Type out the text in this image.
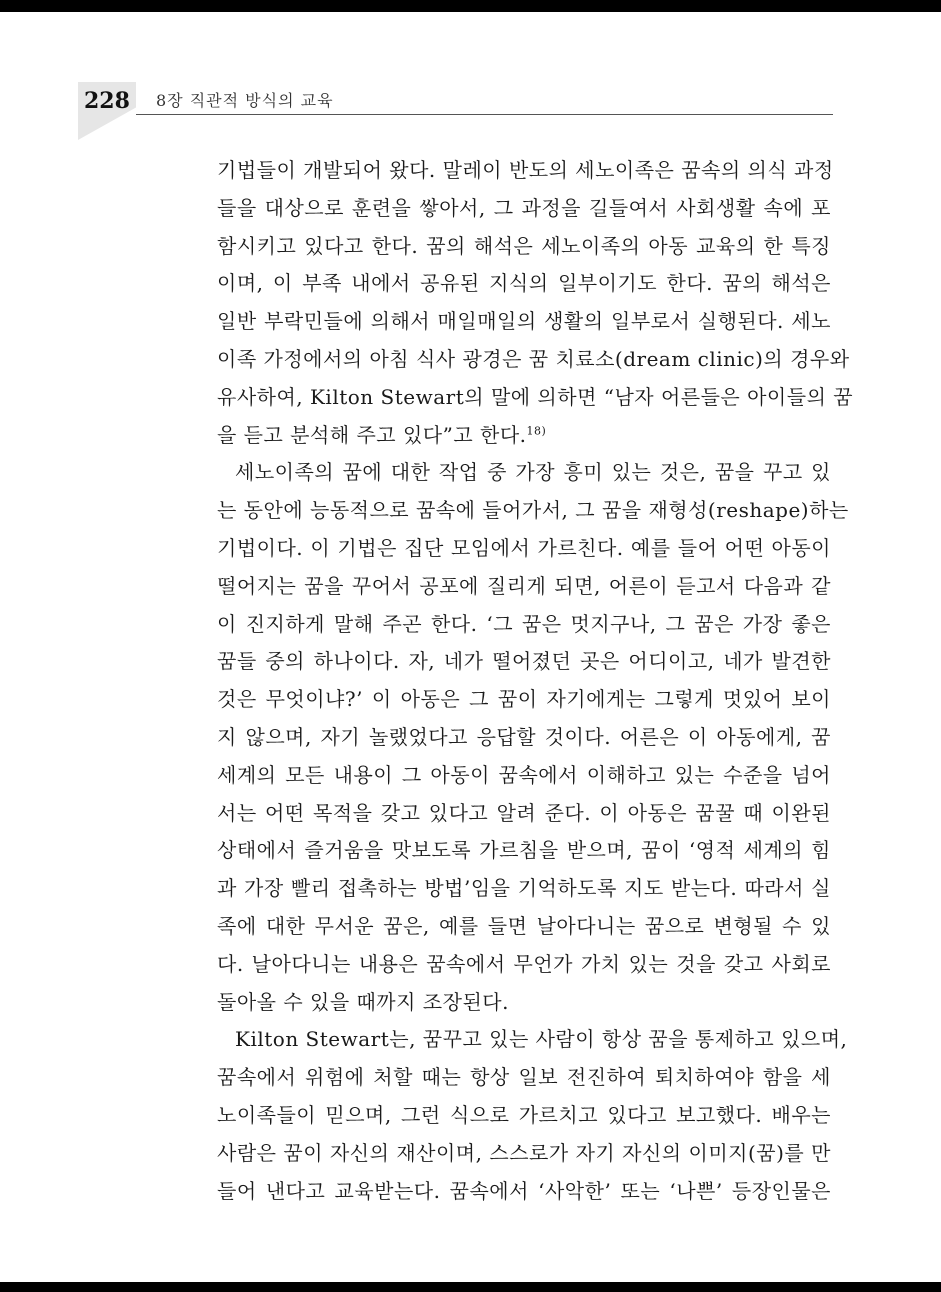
228 8장 직관적 방식의 교육
기법들이 개발되어 왔다. 말레이 반도의 세노이족은 꿈속의 의식 과정
들을 대상으로 훈련을 쌓아서, 그 과정을 길들여서 사회생활 속에 포
함시키고 있다고 한다. 꿈의 해석은 세노이족의 아동 교육의 한 특징
이며, 이 부족 내에서 공유된 지식의 일부이기도 한다. 꿈의 해석은
일반 부락민들에 의해서 매일매일의 생활의 일부로서 실행된다. 세노
이족 가정에서의 아침 식사 광경은 꿈 치료소(dream clinic)의 경우와
유사하여, Kilton Stewart의 말에 의하면 “남자 어른들은 아이들의 꿈
을 듣고 분석해 주고 있다”고 한다.$^{18)}$
세노이족의 꿈에 대한 작업 중 가장 흥미 있는 것은, 꿈을 꾸고 있
는 동안에 능동적으로 꿈속에 들어가서, 그 꿈을 재형성(reshape)하는
기법이다. 이 기법은 집단 모임에서 가르친다. 예를 들어 어떤 아동이
떨어지는 꿈을 꾸어서 공포에 질리게 되면, 어른이 듣고서 다음과 같
이 진지하게 말해 주곤 한다. ‘그 꿈은 멋지구나, 그 꿈은 가장 좋은
꿈들 중의 하나이다. 자, 네가 떨어졌던 곳은 어디이고, 네가 발견한
것은 무엇이냐?’ 이 아동은 그 꿈이 자기에게는 그렇게 멋있어 보이
지 않으며, 자기 놀랬었다고 응답할 것이다. 어른은 이 아동에게, 꿈
세계의 모든 내용이 그 아동이 꿈속에서 이해하고 있는 수준을 넘어
서는 어떤 목적을 갖고 있다고 알려 준다. 이 아동은 꿈꿀 때 이완된
상태에서 즐거움을 맛보도록 가르침을 받으며, 꿈이 ‘영적 세계의 힘
과 가장 빨리 접촉하는 방법’임을 기억하도록 지도 받는다. 따라서 실
족에 대한 무서운 꿈은, 예를 들면 날아다니는 꿈으로 변형될 수 있
다. 날아다니는 내용은 꿈속에서 무언가 가치 있는 것을 갖고 사회로
돌아올 수 있을 때까지 조장된다.
Kilton Stewart는, 꿈꾸고 있는 사람이 항상 꿈을 통제하고 있으며,
꿈속에서 위험에 처할 때는 항상 일보 전진하여 퇴치하여야 함을 세
노이족들이 믿으며, 그런 식으로 가르치고 있다고 보고했다. 배우는
사람은 꿈이 자신의 재산이며, 스스로가 자기 자신의 이미지(꿈)를 만
들어 낸다고 교육받는다. 꿈속에서 ‘사악한’ 또는 ‘나쁜’ 등장인물은
